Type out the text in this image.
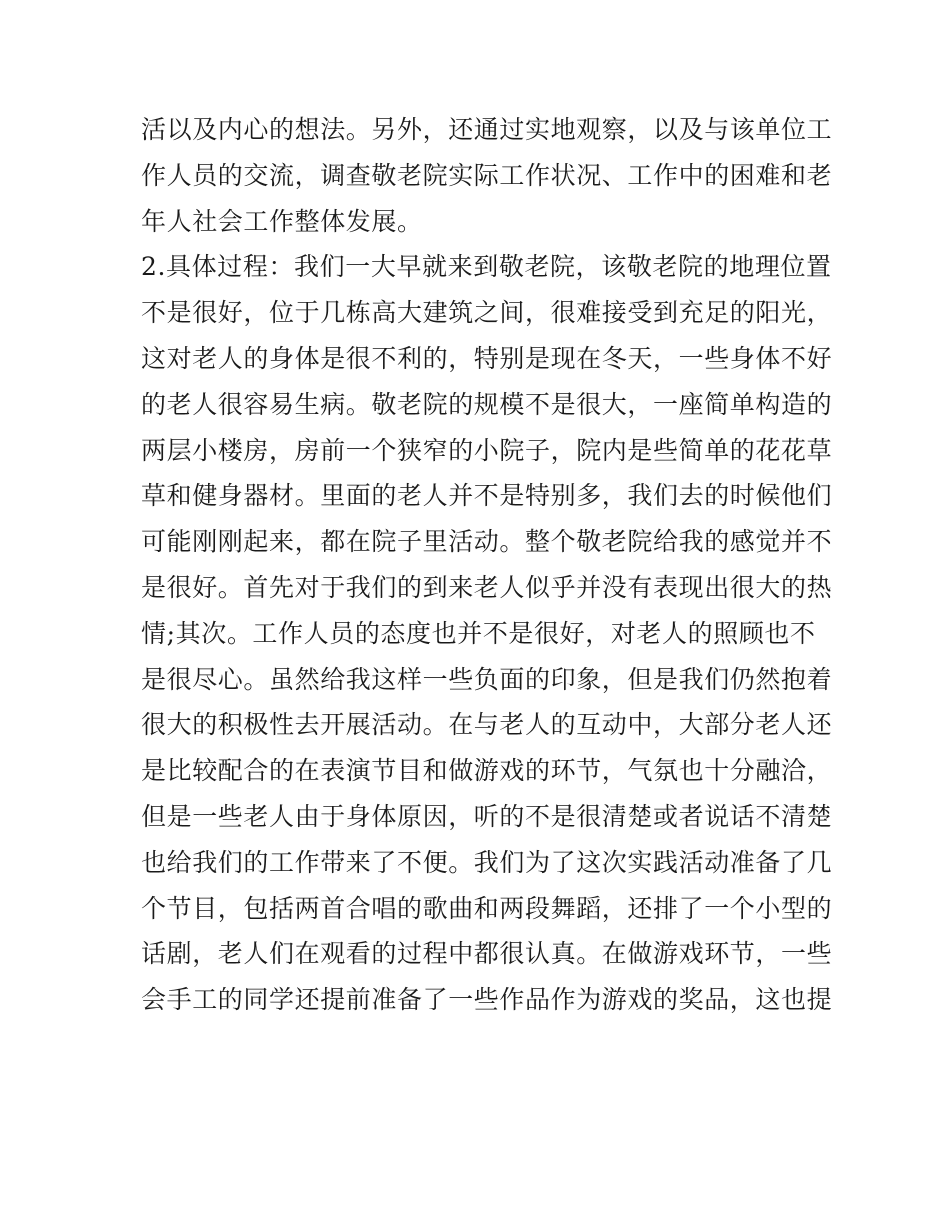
活以及内心的想法。另外，还通过实地观察，以及与该单位工
作人员的交流，调查敬老院实际工作状况、工作中的困难和老
年人社会工作整体发展。
2.具体过程：我们一大早就来到敬老院，该敬老院的地理位置
不是很好，位于几栋高大建筑之间，很难接受到充足的阳光，
这对老人的身体是很不利的，特别是现在冬天，一些身体不好
的老人很容易生病。敬老院的规模不是很大，一座简单构造的
两层小楼房，房前一个狭窄的小院子，院内是些简单的花花草
草和健身器材。里面的老人并不是特别多，我们去的时候他们
可能刚刚起来，都在院子里活动。整个敬老院给我的感觉并不
是很好。首先对于我们的到来老人似乎并没有表现出很大的热
情;其次。工作人员的态度也并不是很好，对老人的照顾也不
是很尽心。虽然给我这样一些负面的印象，但是我们仍然抱着
很大的积极性去开展活动。在与老人的互动中，大部分老人还
是比较配合的在表演节目和做游戏的环节，气氛也十分融洽，
但是一些老人由于身体原因，听的不是很清楚或者说话不清楚
也给我们的工作带来了不便。我们为了这次实践活动准备了几
个节目，包括两首合唱的歌曲和两段舞蹈，还排了一个小型的
话剧，老人们在观看的过程中都很认真。在做游戏环节，一些
会手工的同学还提前准备了一些作品作为游戏的奖品，这也提
